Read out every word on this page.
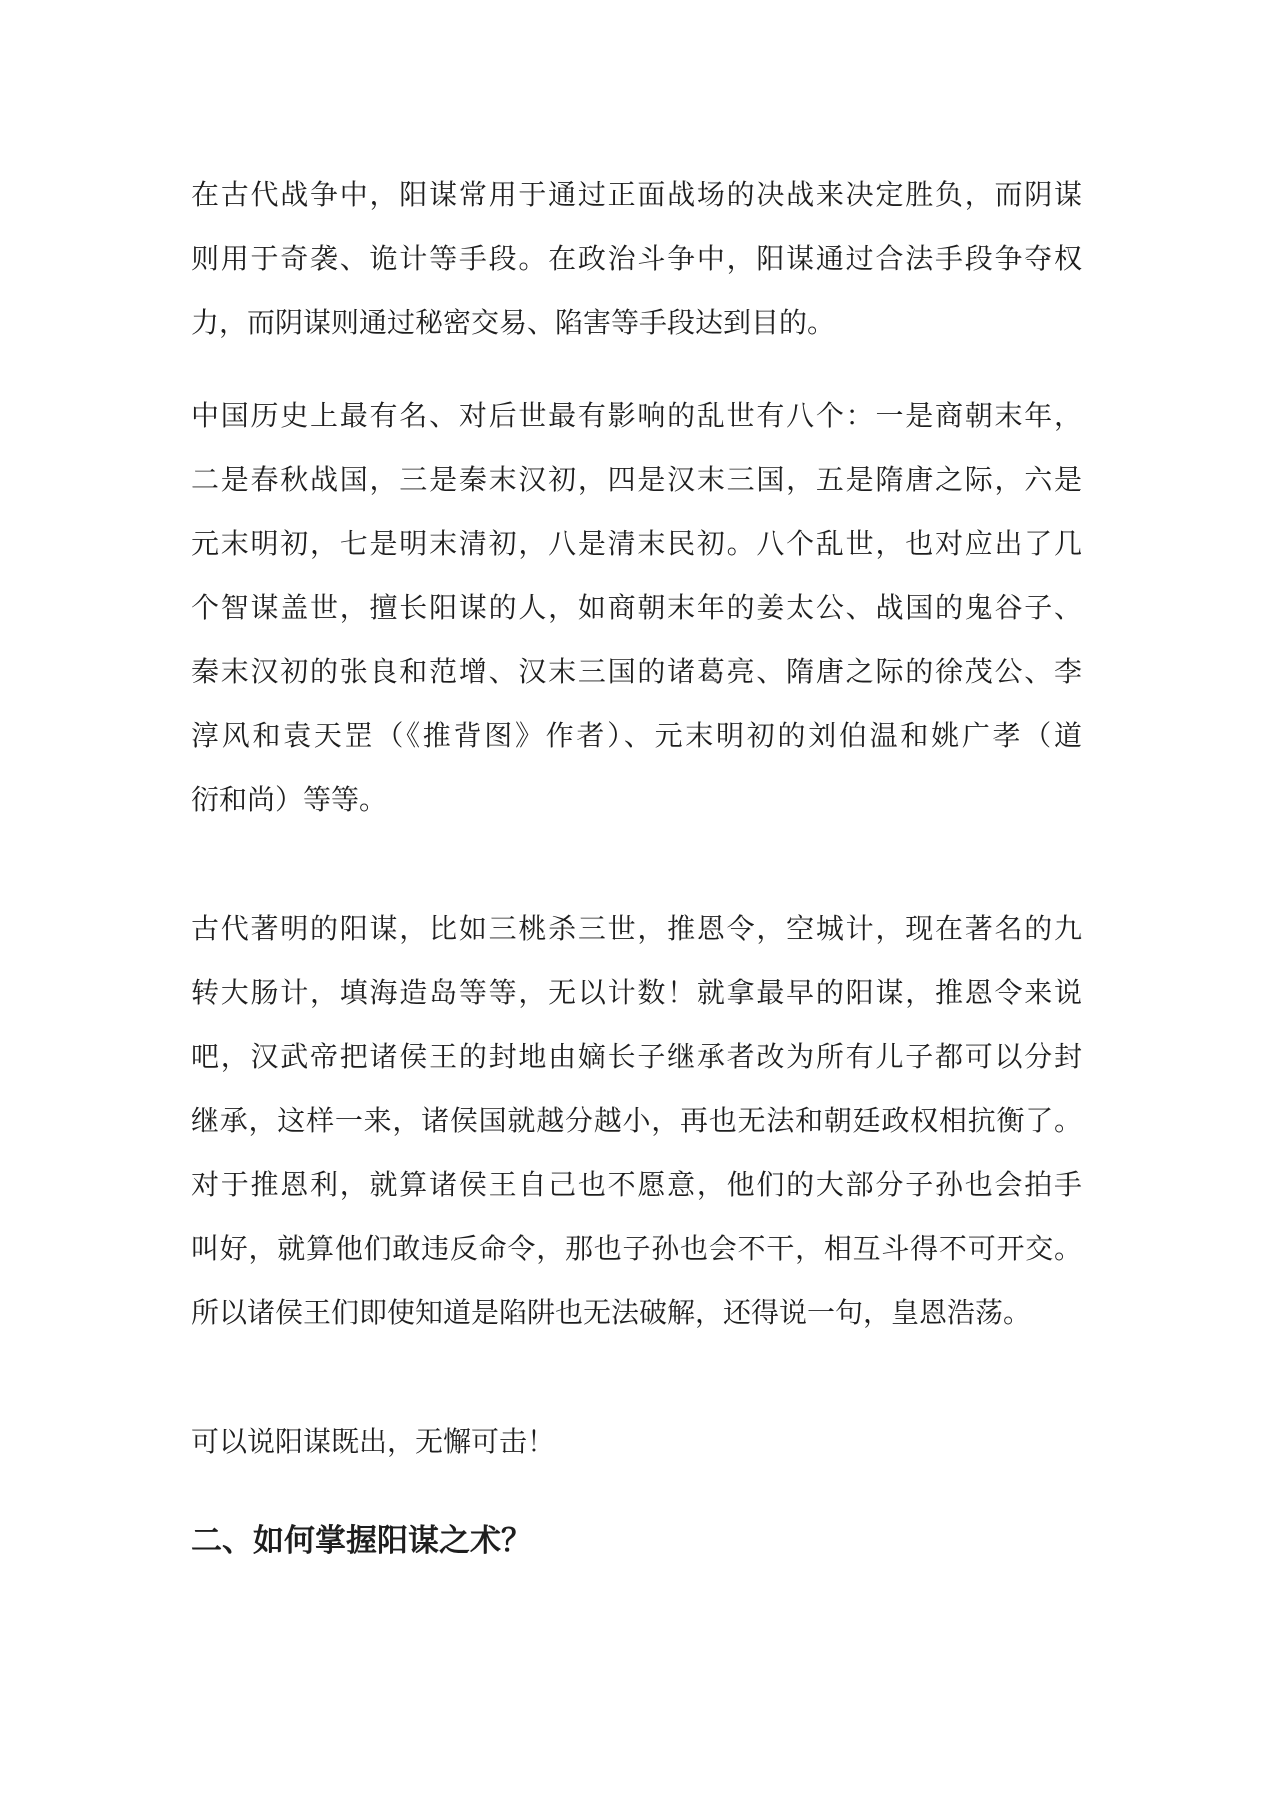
在古代战争中，阳谋常用于通过正面战场的决战来决定胜负，而阴谋
则用于奇袭、诡计等手段。在政治斗争中，阳谋通过合法手段争夺权
力，而阴谋则通过秘密交易、陷害等手段达到目的。
中国历史上最有名、对后世最有影响的乱世有八个：一是商朝末年，
二是春秋战国，三是秦末汉初，四是汉末三国，五是隋唐之际，六是
元末明初，七是明末清初，八是清末民初。八个乱世，也对应出了几
个智谋盖世，擅长阳谋的人，如商朝末年的姜太公、战国的鬼谷子、
秦末汉初的张良和范增、汉末三国的诸葛亮、隋唐之际的徐茂公、李
淳风和袁天罡（《推背图》作者）、元末明初的刘伯温和姚广孝（道
衍和尚）等等。
古代著明的阳谋，比如三桃杀三世，推恩令，空城计，现在著名的九
转大肠计，填海造岛等等，无以计数！就拿最早的阳谋，推恩令来说
吧，汉武帝把诸侯王的封地由嫡长子继承者改为所有儿子都可以分封
继承，这样一来，诸侯国就越分越小，再也无法和朝廷政权相抗衡了。
对于推恩利，就算诸侯王自己也不愿意，他们的大部分子孙也会拍手
叫好，就算他们敢违反命令，那也子孙也会不干，相互斗得不可开交。
所以诸侯王们即使知道是陷阱也无法破解，还得说一句，皇恩浩荡。
可以说阳谋既出，无懈可击！
二、如何掌握阳谋之术？
